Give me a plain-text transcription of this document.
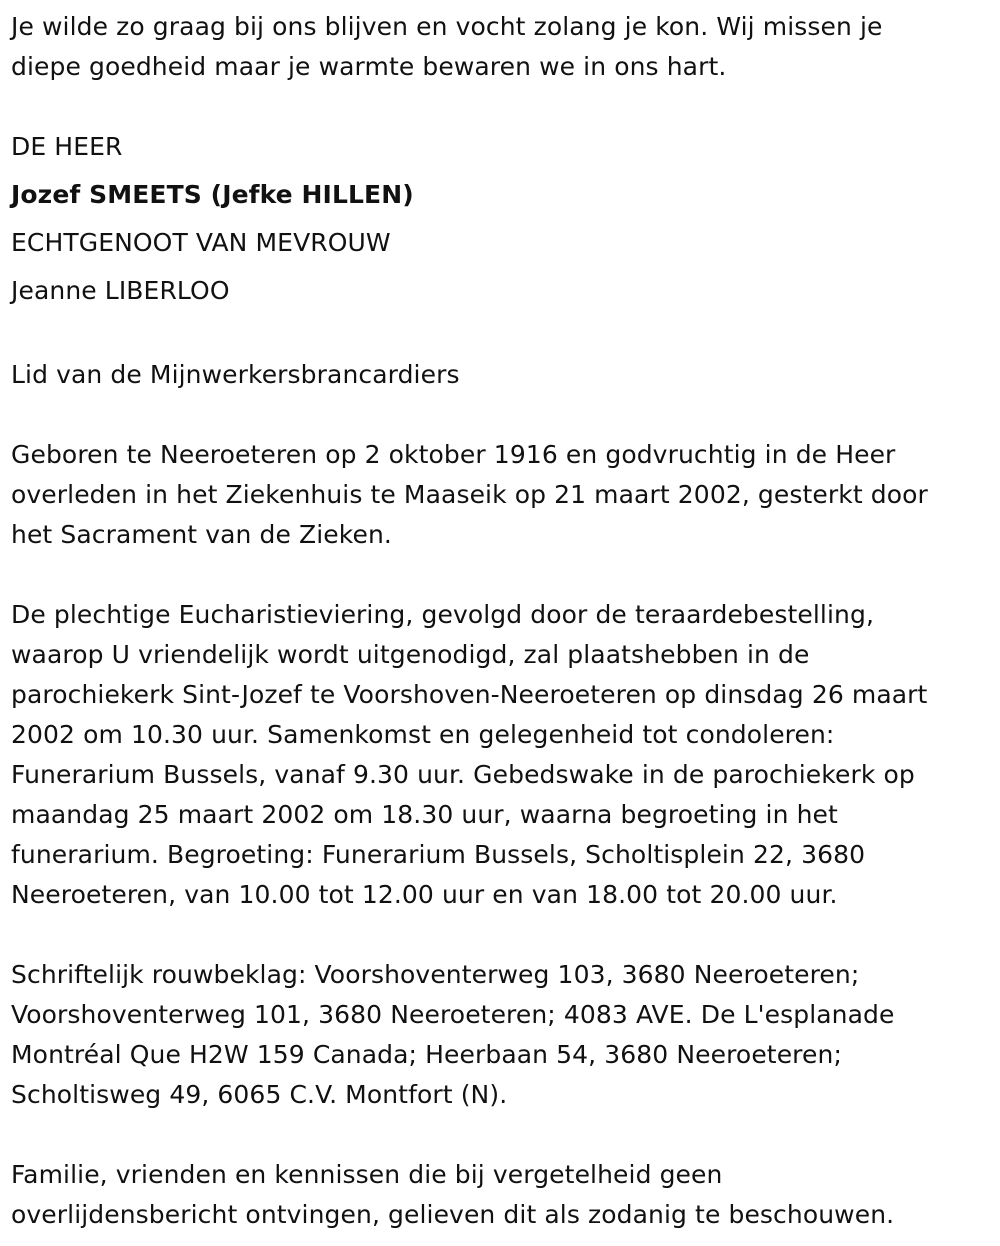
Je wilde zo graag bij ons blijven en vocht zolang je kon. Wij missen je
diepe goedheid maar je warmte bewaren we in ons hart.

DE HEER

Jozef SMEETS (Jefke HILLEN)

ECHTGENOOT VAN MEVROUW

Jeanne LIBERLOO

Lid van de Mijnwerkersbrancardiers

Geboren te Neeroeteren op 2 oktober 1916 en godvruchtig in de Heer
overleden in het Ziekenhuis te Maaseik op 21 maart 2002, gesterkt door
het Sacrament van de Zieken.

De plechtige Eucharistieviering, gevolgd door de teraardebestelling,
waarop U vriendelijk wordt uitgenodigd, zal plaatshebben in de
parochiekerk Sint-Jozef te Voorshoven-Neeroeteren op dinsdag 26 maart
2002 om 10.30 uur. Samenkomst en gelegenheid tot condoleren:
Funerarium Bussels, vanaf 9.30 uur. Gebedswake in de parochiekerk op
maandag 25 maart 2002 om 18.30 uur, waarna begroeting in het
funerarium. Begroeting: Funerarium Bussels, Scholtisplein 22, 3680
Neeroeteren, van 10.00 tot 12.00 uur en van 18.00 tot 20.00 uur.

Schriftelijk rouwbeklag: Voorshoventerweg 103, 3680 Neeroeteren;
Voorshoventerweg 101, 3680 Neeroeteren; 4083 AVE. De L'esplanade
Montréal Que H2W 159 Canada; Heerbaan 54, 3680 Neeroeteren;
Scholtisweg 49, 6065 C.V. Montfort (N).

Familie, vrienden en kennissen die bij vergetelheid geen
overlijdensbericht ontvingen, gelieven dit als zodanig te beschouwen.
